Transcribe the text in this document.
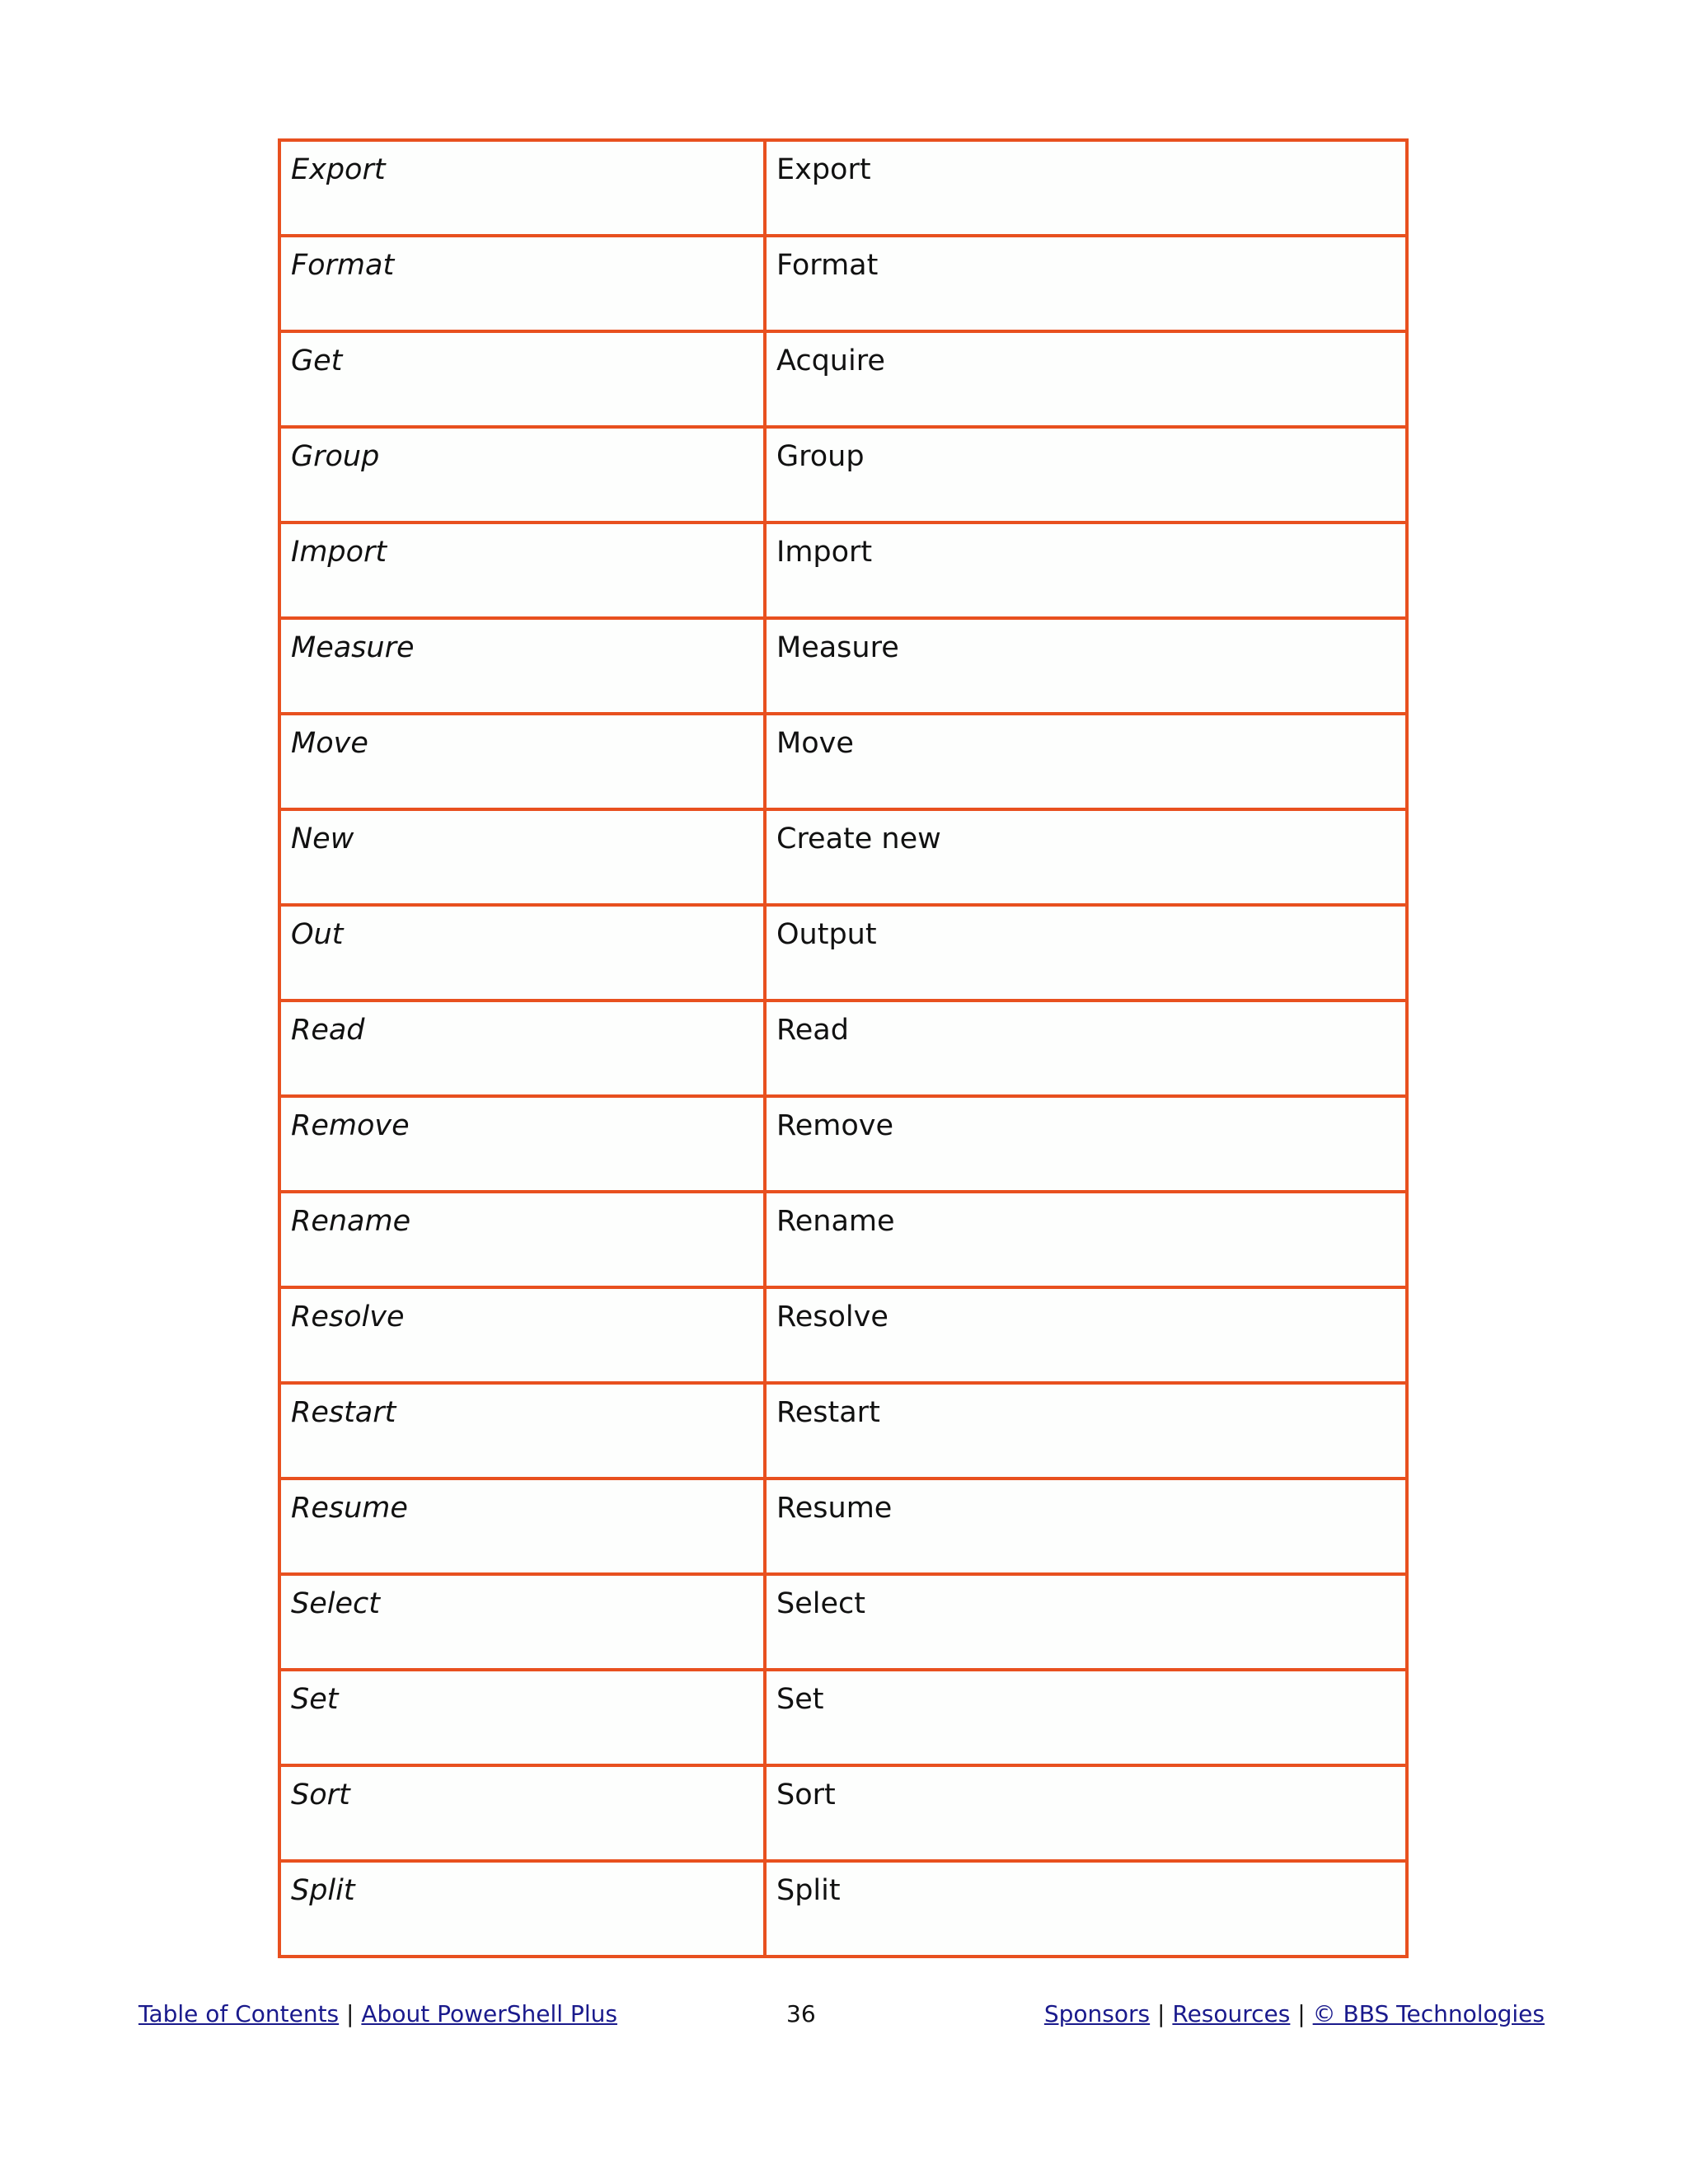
Export	Export
Format	Format
Get	Acquire
Group	Group
Import	Import
Measure	Measure
Move	Move
New	Create new
Out	Output
Read	Read
Remove	Remove
Rename	Rename
Resolve	Resolve
Restart	Restart
Resume	Resume
Select	Select
Set	Set
Sort	Sort
Split	Split
Table of Contents | About PowerShell Plus	36	Sponsors | Resources | © BBS Technologies
